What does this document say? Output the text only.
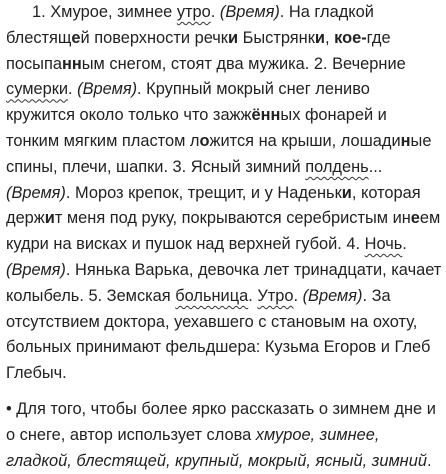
1. Хмурое, зимнее утро. (Время). На гладкой блестящей поверхности речки Быстрянки, кое-где посыпанным снегом, стоят два мужика. 2. Вечерние сумерки. (Время). Крупный мокрый снег лениво кружится около только что зажжённых фонарей и тонким мягким пластом ложится на крыши, лошадиные спины, плечи, шапки. 3. Ясный зимний полдень... (Время). Мороз крепок, трещит, и у Наденьки, которая держит меня под руку, покрываются серебристым инеем кудри на висках и пушок над верхней губой. 4. Ночь. (Время). Нянька Варька, девочка лет тринадцати, качает колыбель. 5. Земская больница. Утро. (Время). За отсутствием доктора, уехавшего с становым на охоту, больных принимают фельдшера: Кузьма Егоров и Глеб Глебыч.

• Для того, чтобы более ярко рассказать о зимнем дне и о снеге, автор использует слова хмурое, зимнее, гладкой, блестящей, крупный, мокрый, ясный, зимний.
